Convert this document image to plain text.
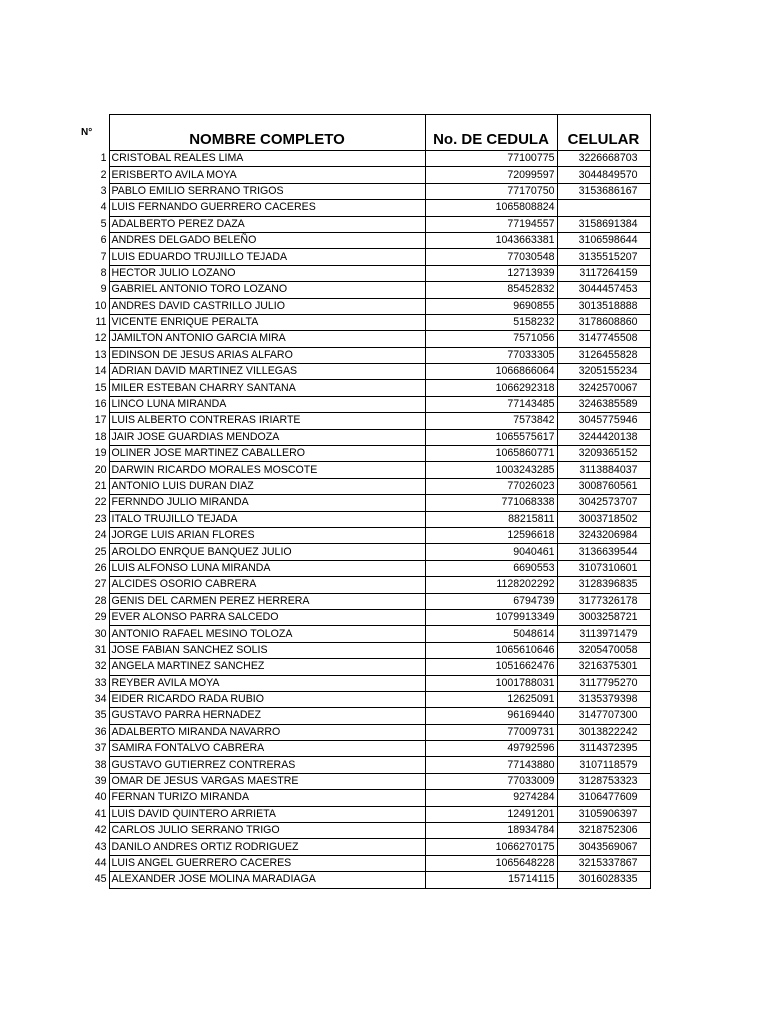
N°	NOMBRE COMPLETO	No. DE CEDULA	CELULAR
1	CRISTOBAL REALES LIMA	77100775	3226668703
2	ERISBERTO AVILA MOYA	72099597	3044849570
3	PABLO EMILIO SERRANO TRIGOS	77170750	3153686167
4	LUIS FERNANDO GUERRERO CACERES	1065808824	
5	ADALBERTO PEREZ DAZA	77194557	3158691384
6	ANDRES DELGADO BELEÑO	1043663381	3106598644
7	LUIS EDUARDO TRUJILLO TEJADA	77030548	3135515207
8	HECTOR JULIO LOZANO	12713939	3117264159
9	GABRIEL ANTONIO TORO LOZANO	85452832	3044457453
10	ANDRES DAVID CASTRILLO JULIO	9690855	3013518888
11	VICENTE ENRIQUE PERALTA	5158232	3178608860
12	JAMILTON ANTONIO GARCIA MIRA	7571056	3147745508
13	EDINSON DE JESUS ARIAS ALFARO	77033305	3126455828
14	ADRIAN DAVID MARTINEZ VILLEGAS	1066866064	3205155234
15	MILER ESTEBAN CHARRY SANTANA	1066292318	3242570067
16	LINCO LUNA MIRANDA	77143485	3246385589
17	LUIS ALBERTO CONTRERAS IRIARTE	7573842	3045775946
18	JAIR JOSE GUARDIAS MENDOZA	1065575617	3244420138
19	OLINER JOSE MARTINEZ CABALLERO	1065860771	3209365152
20	DARWIN RICARDO MORALES MOSCOTE	1003243285	3113884037
21	ANTONIO LUIS DURAN DIAZ	77026023	3008760561
22	FERNNDO JULIO MIRANDA	771068338	3042573707
23	ITALO TRUJILLO TEJADA	88215811	3003718502
24	JORGE LUIS ARIAN FLORES	12596618	3243206984
25	AROLDO ENRQUE BANQUEZ JULIO	9040461	3136639544
26	LUIS ALFONSO LUNA MIRANDA	6690553	3107310601
27	ALCIDES OSORIO CABRERA	1128202292	3128396835
28	GENIS DEL CARMEN PEREZ HERRERA	6794739	3177326178
29	EVER ALONSO PARRA SALCEDO	1079913349	3003258721
30	ANTONIO RAFAEL MESINO TOLOZA	5048614	3113971479
31	JOSE FABIAN SANCHEZ SOLIS	1065610646	3205470058
32	ANGELA MARTINEZ SANCHEZ	1051662476	3216375301
33	REYBER AVILA MOYA	1001788031	3117795270
34	EIDER RICARDO RADA RUBIO	12625091	3135379398
35	GUSTAVO PARRA HERNADEZ	96169440	3147707300
36	ADALBERTO MIRANDA NAVARRO	77009731	3013822242
37	SAMIRA FONTALVO CABRERA	49792596	3114372395
38	GUSTAVO GUTIERREZ CONTRERAS	77143880	3107118579
39	OMAR DE JESUS VARGAS MAESTRE	77033009	3128753323
40	FERNAN TURIZO MIRANDA	9274284	3106477609
41	LUIS DAVID QUINTERO ARRIETA	12491201	3105906397
42	CARLOS JULIO SERRANO TRIGO	18934784	3218752306
43	DANILO ANDRES ORTIZ RODRIGUEZ	1066270175	3043569067
44	LUIS ANGEL GUERRERO CACERES	1065648228	3215337867
45	ALEXANDER JOSE MOLINA MARADIAGA	15714115	3016028335
